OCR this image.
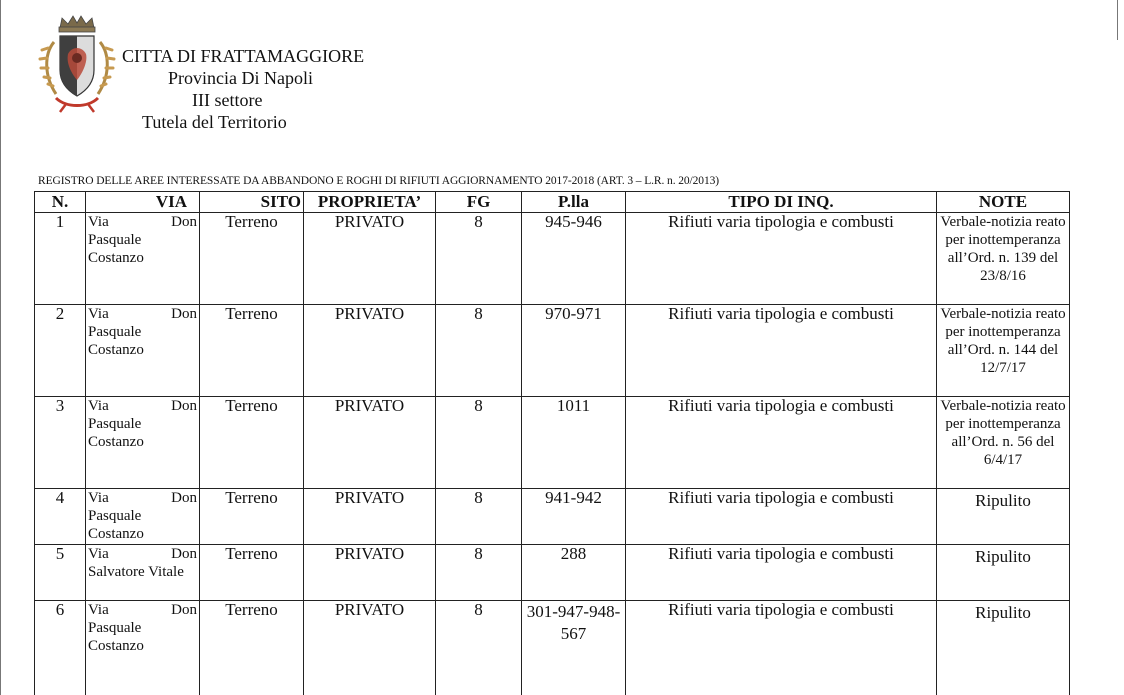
CITTA DI FRATTAMAGGIORE
Provincia Di Napoli
III settore
Tutela del Territorio
REGISTRO DELLE AREE INTERESSATE DA ABBANDONO E ROGHI DI RIFIUTI AGGIORNAMENTO 2017-2018 (ART. 3 – L.R. n. 20/2013)
N.	VIA	SITO	PROPRIETA’	FG	P.lla	TIPO DI INQ.	NOTE
1	Via Don
Pasquale
Costanzo	Terreno	PRIVATO	8	945-946	Rifiuti varia tipologia e combusti	Verbale-notizia reato per inottemperanza all’Ord. n. 139 del 23/8/16
2	Via Don
Pasquale
Costanzo	Terreno	PRIVATO	8	970-971	Rifiuti varia tipologia e combusti	Verbale-notizia reato per inottemperanza all’Ord. n. 144 del 12/7/17
3	Via Don
Pasquale
Costanzo	Terreno	PRIVATO	8	1011	Rifiuti varia tipologia e combusti	Verbale-notizia reato per inottemperanza all’Ord. n. 56 del 6/4/17
4	Via Don
Pasquale
Costanzo	Terreno	PRIVATO	8	941-942	Rifiuti varia tipologia e combusti	Ripulito
5	Via Don
Salvatore Vitale	Terreno	PRIVATO	8	288	Rifiuti varia tipologia e combusti	Ripulito
6	Via Don
Pasquale
Costanzo	Terreno	PRIVATO	8	301-947-948-567	Rifiuti varia tipologia e combusti	Ripulito
